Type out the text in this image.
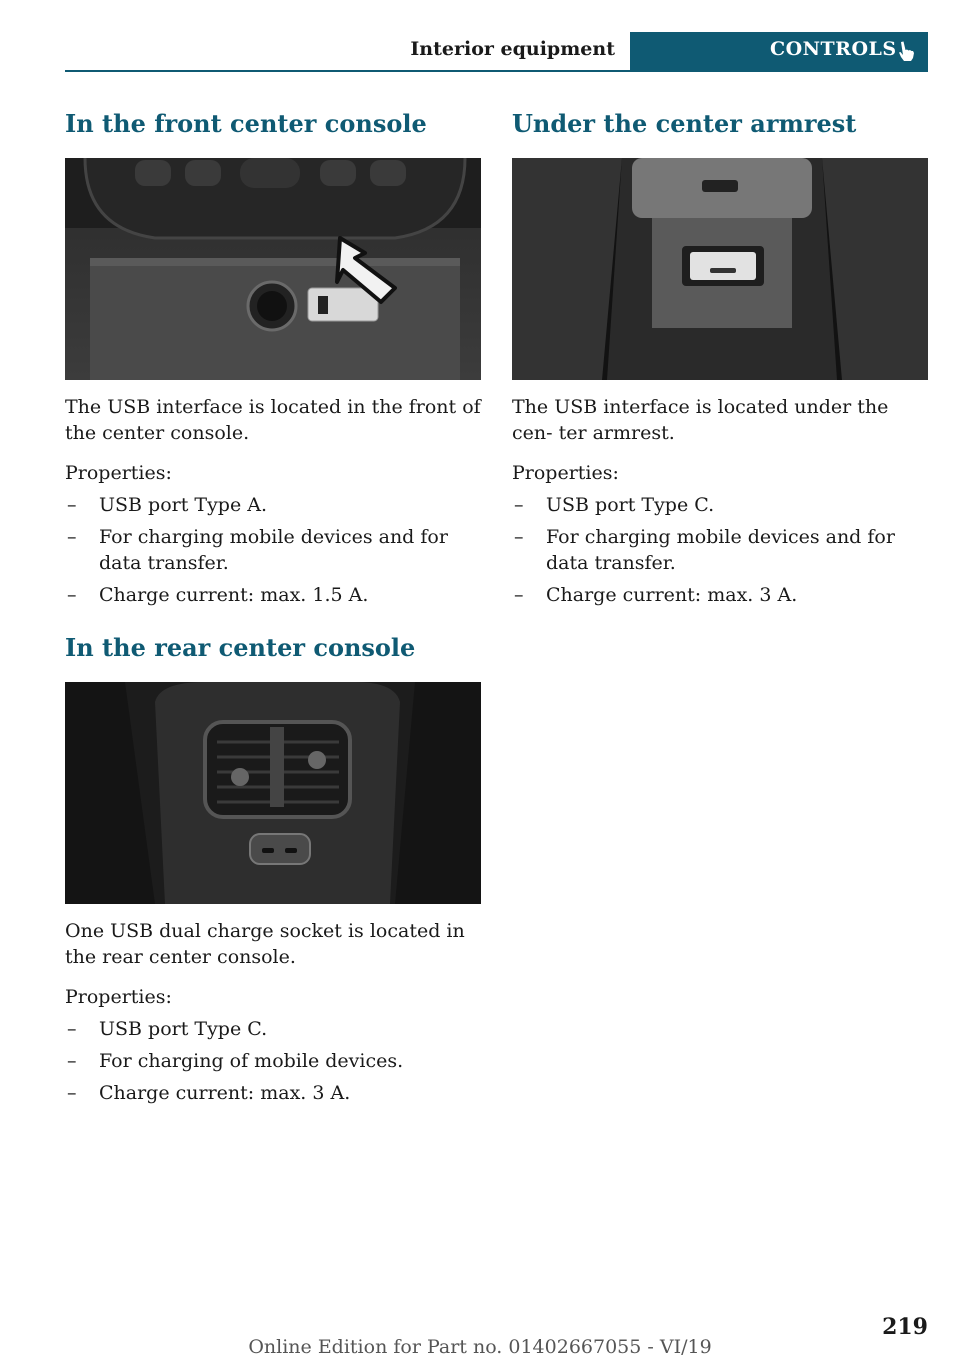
Interior equipment	CONTROLS
In the front center console

The USB interface is located in the front of the center console.

Properties:

– USB port Type A.
– For charging mobile devices and for data transfer.
– Charge current: max. 1.5 A.
In the rear center console

One USB dual charge socket is located in the rear center console.

Properties:

– USB port Type C.
– For charging of mobile devices.
– Charge current: max. 3 A.
Under the center armrest

The USB interface is located under the cen‐ ter armrest.

Properties:

– USB port Type C.
– For charging mobile devices and for data transfer.
– Charge current: max. 3 A.
219
Online Edition for Part no. 01402667055 - VI/19
